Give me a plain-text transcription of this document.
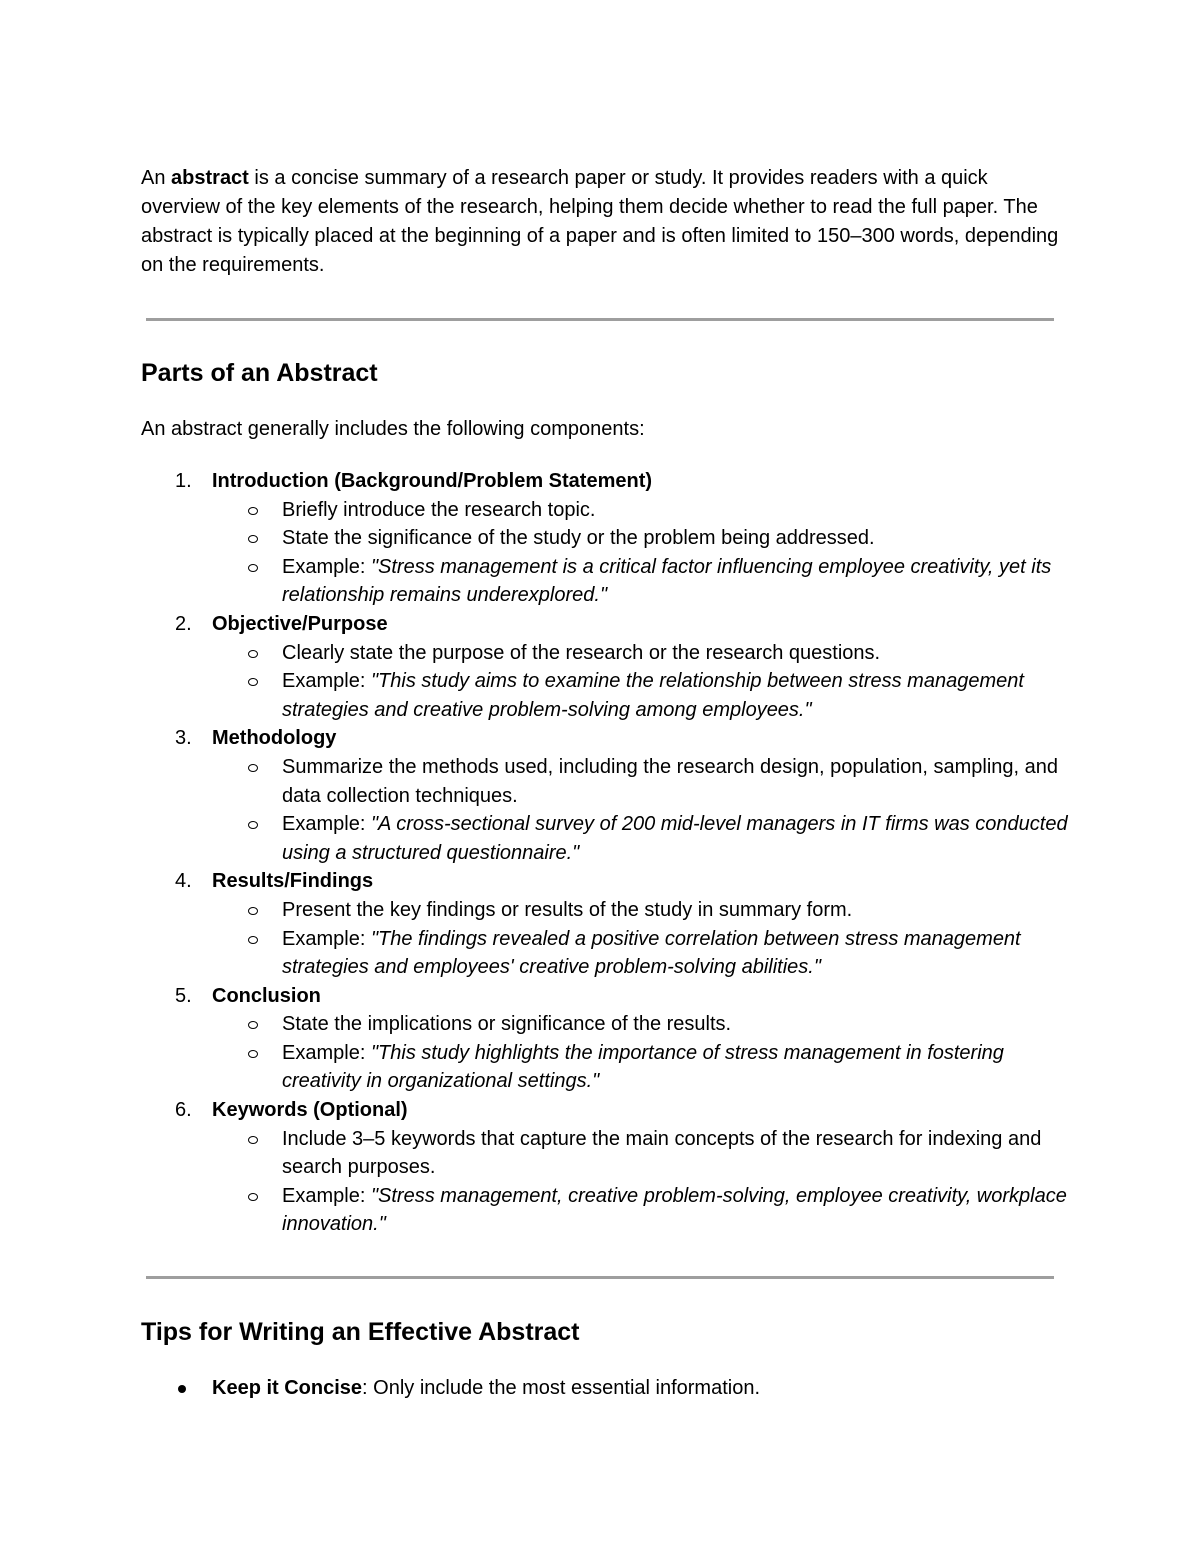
An abstract is a concise summary of a research paper or study. It provides readers with a quick overview of the key elements of the research, helping them decide whether to read the full paper. The abstract is typically placed at the beginning of a paper and is often limited to 150–300 words, depending on the requirements.

Parts of an Abstract

An abstract generally includes the following components:

1. Introduction (Background/Problem Statement)
Briefly introduce the research topic.
State the significance of the study or the problem being addressed.
Example: "Stress management is a critical factor influencing employee creativity, yet its relationship remains underexplored."
2. Objective/Purpose
Clearly state the purpose of the research or the research questions.
Example: "This study aims to examine the relationship between stress management strategies and creative problem-solving among employees."
3. Methodology
Summarize the methods used, including the research design, population, sampling, and data collection techniques.
Example: "A cross-sectional survey of 200 mid-level managers in IT firms was conducted using a structured questionnaire."
4. Results/Findings
Present the key findings or results of the study in summary form.
Example: "The findings revealed a positive correlation between stress management strategies and employees' creative problem-solving abilities."
5. Conclusion
State the implications or significance of the results.
Example: "This study highlights the importance of stress management in fostering creativity in organizational settings."
6. Keywords (Optional)
Include 3–5 keywords that capture the main concepts of the research for indexing and search purposes.
Example: "Stress management, creative problem-solving, employee creativity, workplace innovation."
Tips for Writing an Effective Abstract
Keep it Concise: Only include the most essential information.
